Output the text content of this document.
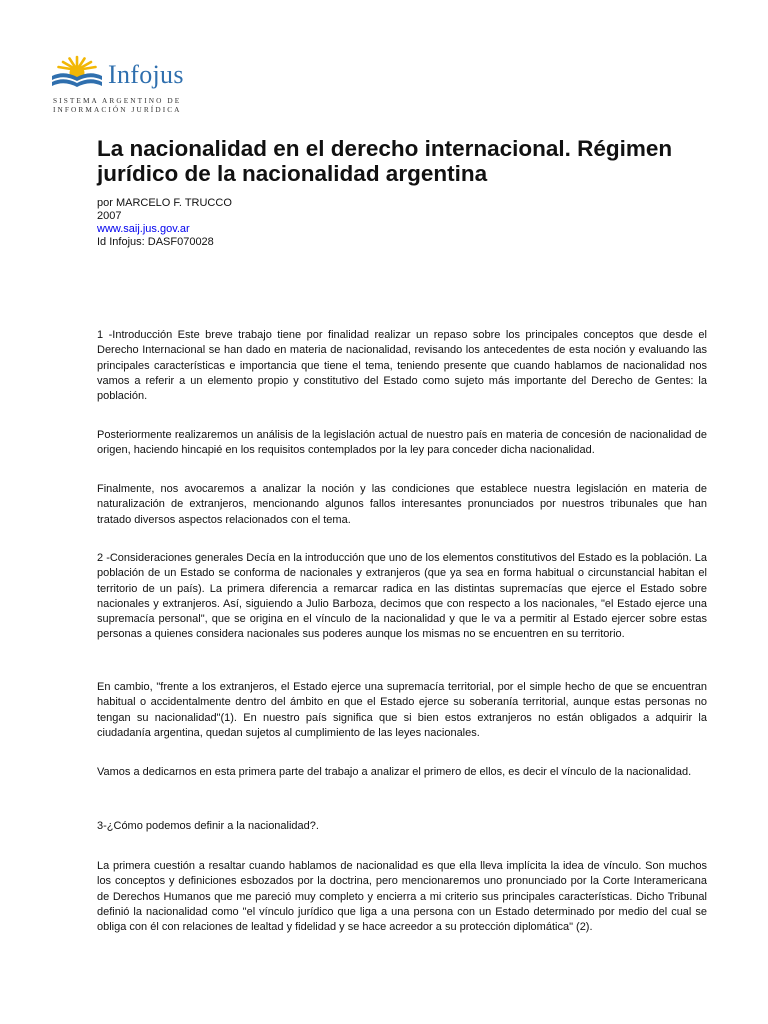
Infojus
SISTEMA ARGENTINO DE
INFORMACIÓN JURÍDICA
La nacionalidad en el derecho internacional. Régimen jurídico de la nacionalidad argentina
por MARCELO F. TRUCCO
2007
www.saij.jus.gov.ar
Id Infojus: DASF070028

1 -Introducción Este breve trabajo tiene por finalidad realizar un repaso sobre los principales conceptos que desde el Derecho Internacional se han dado en materia de nacionalidad, revisando los antecedentes de esta noción y evaluando las principales características e importancia que tiene el tema, teniendo presente que cuando hablamos de nacionalidad nos vamos a referir a un elemento propio y constitutivo del Estado como sujeto más importante del Derecho de Gentes: la población.

Posteriormente realizaremos un análisis de la legislación actual de nuestro país en materia de concesión de nacionalidad de origen, haciendo hincapié en los requisitos contemplados por la ley para conceder dicha nacionalidad.

Finalmente, nos avocaremos a analizar la noción y las condiciones que establece nuestra legislación en materia de naturalización de extranjeros, mencionando algunos fallos interesantes pronunciados por nuestros tribunales que han tratado diversos aspectos relacionados con el tema.

2 -Consideraciones generales Decía en la introducción que uno de los elementos constitutivos del Estado es la población. La población de un Estado se conforma de nacionales y extranjeros (que ya sea en forma habitual o circunstancial habitan el territorio de un país). La primera diferencia a remarcar radica en las distintas supremacías que ejerce el Estado sobre nacionales y extranjeros. Así, siguiendo a Julio Barboza, decimos que con respecto a los nacionales, "el Estado ejerce una supremacía personal", que se origina en el vínculo de la nacionalidad y que le va a permitir al Estado ejercer sobre estas personas a quienes considera nacionales sus poderes aunque los mismas no se encuentren en su territorio.

En cambio, "frente a los extranjeros, el Estado ejerce una supremacía territorial, por el simple hecho de que se encuentran habitual o accidentalmente dentro del ámbito en que el Estado ejerce su soberanía territorial, aunque estas personas no tengan su nacionalidad"(1). En nuestro país significa que si bien estos extranjeros no están obligados a adquirir la ciudadanía argentina, quedan sujetos al cumplimiento de las leyes nacionales.

Vamos a dedicarnos en esta primera parte del trabajo a analizar el primero de ellos, es decir el vínculo de la nacionalidad.

3-¿Cómo podemos definir a la nacionalidad?.

La primera cuestión a resaltar cuando hablamos de nacionalidad es que ella lleva implícita la idea de vínculo. Son muchos los conceptos y definiciones esbozados por la doctrina, pero mencionaremos uno pronunciado por la Corte Interamericana de Derechos Humanos que me pareció muy completo y encierra a mi criterio sus principales características. Dicho Tribunal definió la nacionalidad como "el vínculo jurídico que liga a una persona con un Estado determinado por medio del cual se obliga con él con relaciones de lealtad y fidelidad y se hace acreedor a su protección diplomática" (2).
